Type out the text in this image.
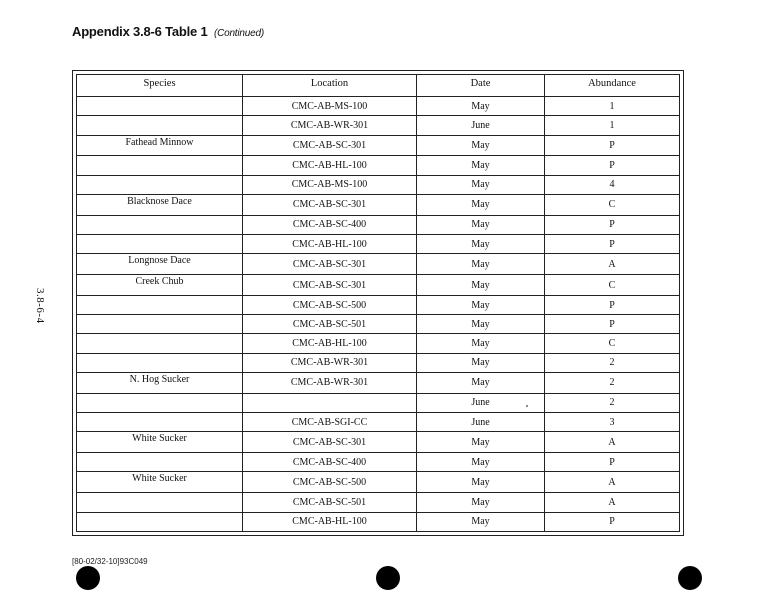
Appendix 3.8-6 Table 1 (Continued)
3.8-6-4
Species	Location	Date	Abundance
	CMC-AB-MS-100	May	1
	CMC-AB-WR-301	June	1
Fathead Minnow	CMC-AB-SC-301	May	P
	CMC-AB-HL-100	May	P
	CMC-AB-MS-100	May	4
Blacknose Dace	CMC-AB-SC-301	May	C
	CMC-AB-SC-400	May	P
	CMC-AB-HL-100	May	P
Longnose Dace	CMC-AB-SC-301	May	A
Creek Chub	CMC-AB-SC-301	May	C
	CMC-AB-SC-500	May	P
	CMC-AB-SC-501	May	P
	CMC-AB-HL-100	May	C
	CMC-AB-WR-301	May	2
N. Hog Sucker	CMC-AB-WR-301	May	2
		June	2
	CMC-AB-SGI-CC	June	3
White Sucker	CMC-AB-SC-301	May	A
	CMC-AB-SC-400	May	P
White Sucker	CMC-AB-SC-500	May	A
	CMC-AB-SC-501	May	A
	CMC-AB-HL-100	May	P
[80-02/32-10]93C049
